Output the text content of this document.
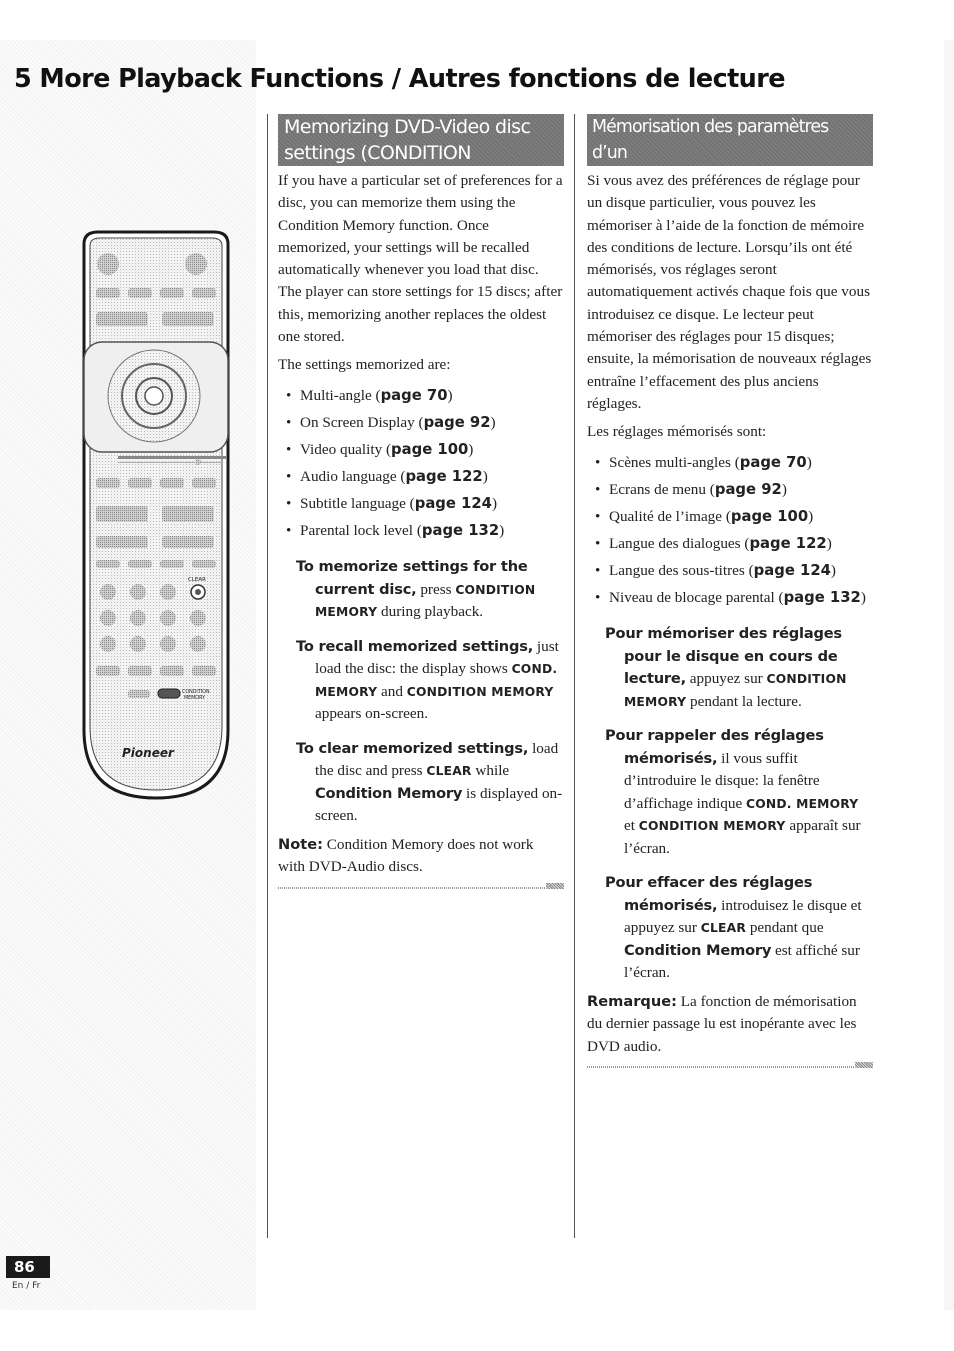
5 More Playback Functions / Autres fonctions de lecture
CLEAR
CONDITION
MEMORY
Pioneer
Memorizing DVD-Video disc
settings (CONDITION

If you have a particular set of preferences for a disc, you can memorize them using the Condition Memory function. Once memorized, your settings will be recalled automatically whenever you load that disc. The player can store settings for 15 discs; after this, memorizing another replaces the oldest one stored.

The settings memorized are:

• Multi-angle (page 70)
• On Screen Display (page 92)
• Video quality (page 100)
• Audio language (page 122)
• Subtitle language (page 124)
• Parental lock level (page 132)

To memorize settings for the current disc, press CONDITION MEMORY during playback.

To recall memorized settings, just load the disc: the display shows COND. MEMORY and CONDITION MEMORY appears on-screen.

To clear memorized settings, load the disc and press CLEAR while Condition Memory is displayed on-screen.

Note: Condition Memory does not work with DVD-Audio discs.

Mémorisation des paramètres d’un

Si vous avez des préférences de réglage pour un disque particulier, vous pouvez les mémoriser à l’aide de la fonction de mémoire des conditions de lecture. Lorsqu’ils ont été mémorisés, vos réglages seront automatiquement activés chaque fois que vous introduisez ce disque. Le lecteur peut mémoriser des réglages pour 15 disques; ensuite, la mémorisation de nouveaux réglages entraîne l’effacement des plus anciens réglages.

Les réglages mémorisés sont:

• Scènes multi-angles (page 70)
• Ecrans de menu (page 92)
• Qualité de l’image (page 100)
• Langue des dialogues (page 122)
• Langue des sous-titres (page 124)
• Niveau de blocage parental (page 132)

Pour mémoriser des réglages pour le disque en cours de lecture, appuyez sur CONDITION MEMORY pendant la lecture.

Pour rappeler des réglages mémorisés, il vous suffit d’introduire le disque: la fenêtre d’affichage indique COND. MEMORY et CONDITION MEMORY apparaît sur l’écran.

Pour effacer des réglages mémorisés, introduisez le disque et appuyez sur CLEAR pendant que Condition Memory est affiché sur l’écran.

Remarque: La fonction de mémorisation du dernier passage lu est inopérante avec les DVD audio.

86
En / Fr
